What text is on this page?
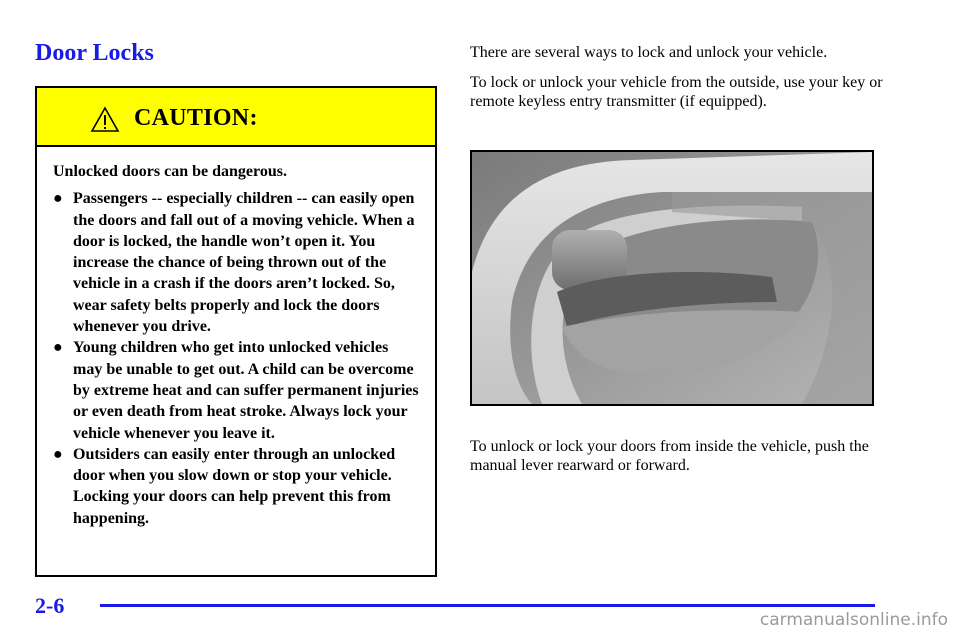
Door Locks
CAUTION:

Unlocked doors can be dangerous.

● Passengers -- especially children -- can easily open the doors and fall out of a moving vehicle. When a door is locked, the handle won’t open it. You increase the chance of being thrown out of the vehicle in a crash if the doors aren’t locked. So, wear safety belts properly and lock the doors whenever you drive.
● Young children who get into unlocked vehicles may be unable to get out. A child can be overcome by extreme heat and can suffer permanent injuries or even death from heat stroke. Always lock your vehicle whenever you leave it.
● Outsiders can easily enter through an unlocked door when you slow down or stop your vehicle. Locking your doors can help prevent this from happening.

There are several ways to lock and unlock your vehicle.

To lock or unlock your vehicle from the outside, use your key or remote keyless entry transmitter (if equipped).

To unlock or lock your doors from inside the vehicle, push the manual lever rearward or forward.

2-6
carmanualsonline.info
